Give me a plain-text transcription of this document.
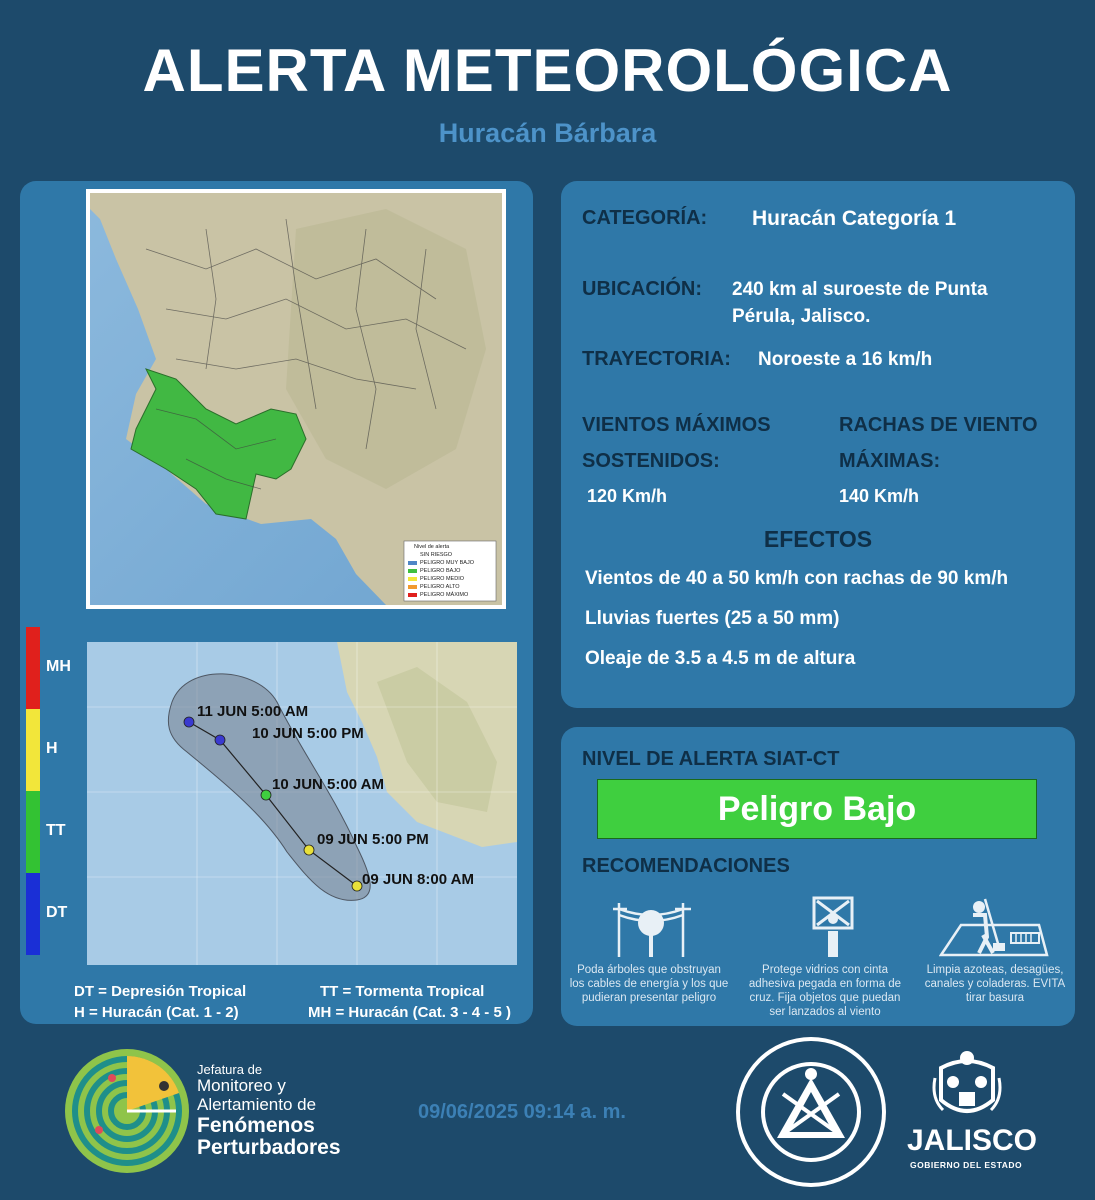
ALERTA METEOROLÓGICA
Huracán Bárbara
Nivel de alerta
SIN RIESGO
PELIGRO MUY BAJO
PELIGRO BAJO
PELIGRO MEDIO
PELIGRO ALTO
PELIGRO MÁXIMO
11 JUN 5:00 AM
10 JUN 5:00 PM
10 JUN 5:00 AM
09 JUN 5:00 PM
09 JUN 8:00 AM
MH
H
TT
DT
DT = Depresión Tropical
H = Huracán (Cat. 1 - 2)
TT = Tormenta Tropical
MH = Huracán (Cat. 3 - 4 - 5 )
CATEGORÍA: Huracán Categoría 1
UBICACIÓN: 240 km al suroeste de Punta
Pérula, Jalisco.
TRAYECTORIA: Noroeste a 16 km/h
VIENTOS MÁXIMOS
SOSTENIDOS:
120 Km/h
RACHAS DE VIENTO
MÁXIMAS:
140 Km/h
EFECTOS
Vientos de 40 a 50 km/h con rachas de 90 km/h
Lluvias fuertes (25 a 50 mm)
Oleaje de 3.5 a 4.5 m de altura
NIVEL DE ALERTA SIAT-CT
Peligro Bajo
RECOMENDACIONES
Poda árboles que obstruyan los cables de energía y los que pudieran presentar peligro
Protege vidrios con cinta adhesiva pegada en forma de cruz. Fija objetos que puedan ser lanzados al viento
Limpia azoteas, desagües, canales y coladeras. EVITA tirar basura
Jefatura de
Monitoreo y
Alertamiento de
Fenómenos
Perturbadores
09/06/2025 09:14 a. m.
JALISCO
GOBIERNO DEL ESTADO
